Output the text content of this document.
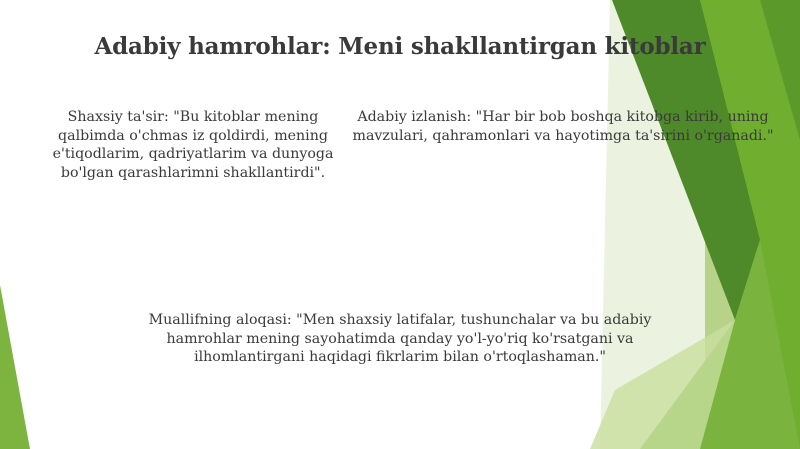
Adabiy hamrohlar: Meni shakllantirgan kitoblar
Shaxsiy ta'sir: "Bu kitoblar mening qalbimda o'chmas iz qoldirdi, mening e'tiqodlarim, qadriyatlarim va dunyoga bo'lgan qarashlarimni shakllantirdi".
Adabiy izlanish: "Har bir bob boshqa kitobga kirib, uning mavzulari, qahramonlari va hayotimga ta'sirini o'rganadi."
Muallifning aloqasi: "Men shaxsiy latifalar, tushunchalar va bu adabiy hamrohlar mening sayohatimda qanday yo'l-yo'riq ko'rsatgani va ilhomlantirgani haqidagi fikrlarim bilan o'rtoqlashaman."
